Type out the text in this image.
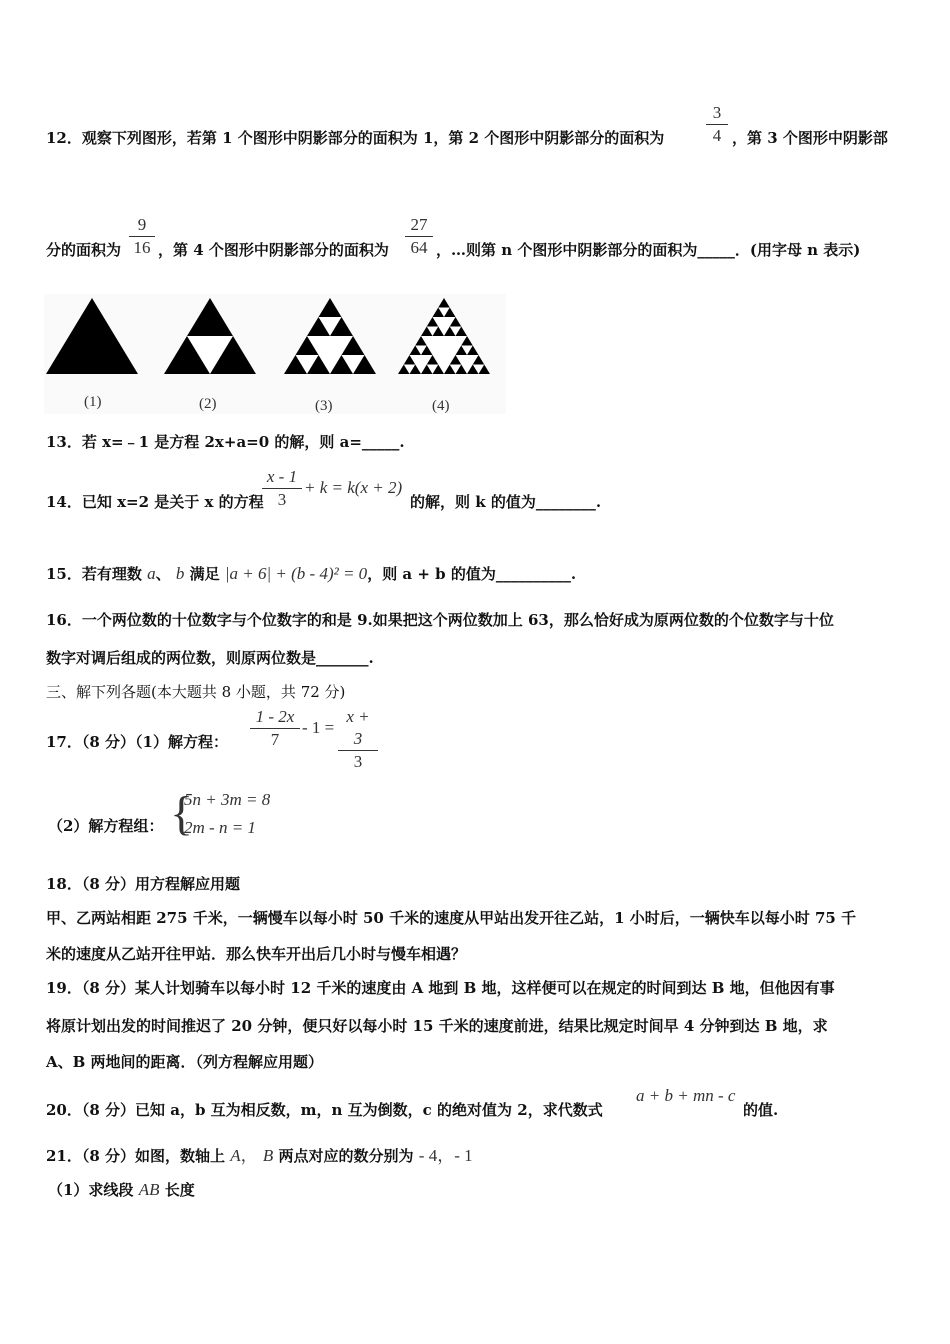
12．观察下列图形，若第 1 个图形中阴影部分的面积为 1，第 2 个图形中阴影部分的面积为 $\frac{3}{4}$ ，第 3 个图形中阴影部
分的面积为 $\frac{9}{16}$ ，第 4 个图形中阴影部分的面积为 $\frac{27}{64}$ ，…则第 n 个图形中阴影部分的面积为_____．(用字母 n 表示)
(1)	(2)	(3)	(4)
13．若 x=﹣1 是方程 2x+a=0 的解，则 a=_____.
14．已知 x=2 是关于 x 的方程
$\frac{x - 1}{3} + k = k(x + 2)$
的解，则 k 的值为________.
15．若有理数 a、 b 满足 |a + 6| + (b - 4)² = 0，则 a + b 的值为__________.
16．一个两位数的十位数字与个位数字的和是 9.如果把这个两位数加上 63，那么恰好成为原两位数的个位数字与十位
数字对调后组成的两位数，则原两位数是_______.
三、解下列各题(本大题共 8 小题，共 72 分)
17．（8 分）（1）解方程： $\frac{1 - 2x}{7} - 1 = \frac{x + 3}{3}$
（2）解方程组： {
5n + 3m = 8
2m - n = 1
18．（8 分）用方程解应用题
甲、乙两站相距 275 千米，一辆慢车以每小时 50 千米的速度从甲站出发开往乙站，1 小时后，一辆快车以每小时 75 千
米的速度从乙站开往甲站．那么快车开出后几小时与慢车相遇？
19．（8 分）某人计划骑车以每小时 12 千米的速度由 A 地到 B 地，这样便可以在规定的时间到达 B 地，但他因有事
将原计划出发的时间推迟了 20 分钟，便只好以每小时 15 千米的速度前进，结果比规定时间早 4 分钟到达 B 地，求
A、B 两地间的距离．（列方程解应用题）
20．（8 分）已知 a，b 互为相反数，m，n 互为倒数，c 的绝对值为 2，求代数式
a + b + mn - c
的值.
21．（8 分）如图，数轴上 A， B 两点对应的数分别为 - 4，- 1
（1）求线段 AB 长度
